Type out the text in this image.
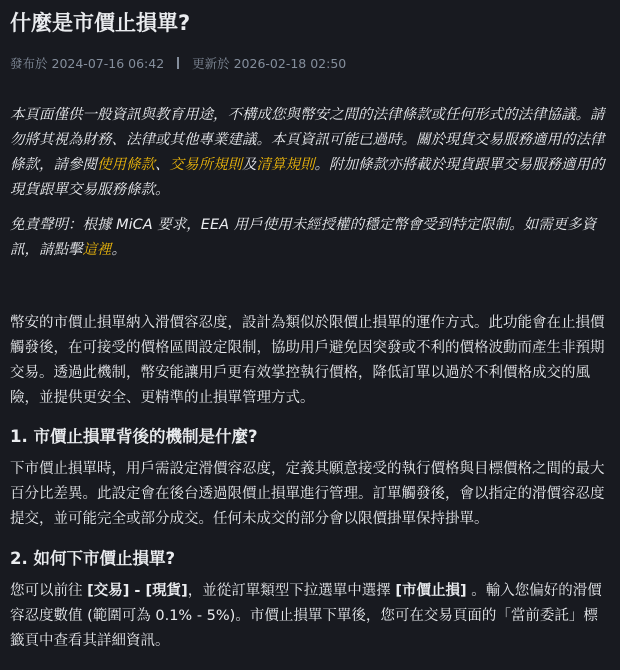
什麼是市價止損單?
發布於 2024-07-16 06:42 更新於 2026-02-18 02:50

本頁面僅供一般資訊與教育用途，不構成您與幣安之間的法律條款或任何形式的法律協議。請勿將其視為財務、法律或其他專業建議。本頁資訊可能已過時。關於現貨交易服務適用的法律條款，請參閱使用條款、交易所規則及清算規則。附加條款亦將載於現貨跟單交易服務適用的現貨跟單交易服務條款。

免責聲明：根據 MiCA 要求，EEA 用戶使用未經授權的穩定幣會受到特定限制。如需更多資訊，請點擊這裡。

幣安的市價止損單納入滑價容忍度，設計為類似於限價止損單的運作方式。此功能會在止損價觸發後，在可接受的價格區間設定限制，協助用戶避免因突發或不利的價格波動而產生非預期交易。透過此機制，幣安能讓用戶更有效掌控執行價格，降低訂單以過於不利價格成交的風險，並提供更安全、更精準的止損單管理方式。

1. 市價止損單背後的機制是什麼?

下市價止損單時，用戶需設定滑價容忍度，定義其願意接受的執行價格與目標價格之間的最大百分比差異。此設定會在後台透過限價止損單進行管理。訂單觸發後，會以指定的滑價容忍度提交，並可能完全或部分成交。任何未成交的部分會以限價掛單保持掛單。

2. 如何下市價止損單?

您可以前往 [交易] - [現貨]，並從訂單類型下拉選單中選擇 [市價止損] 。輸入您偏好的滑價容忍度數值 (範圍可為 0.1% - 5%)。市價止損單下單後，您可在交易頁面的「當前委託」標籤頁中查看其詳細資訊。
